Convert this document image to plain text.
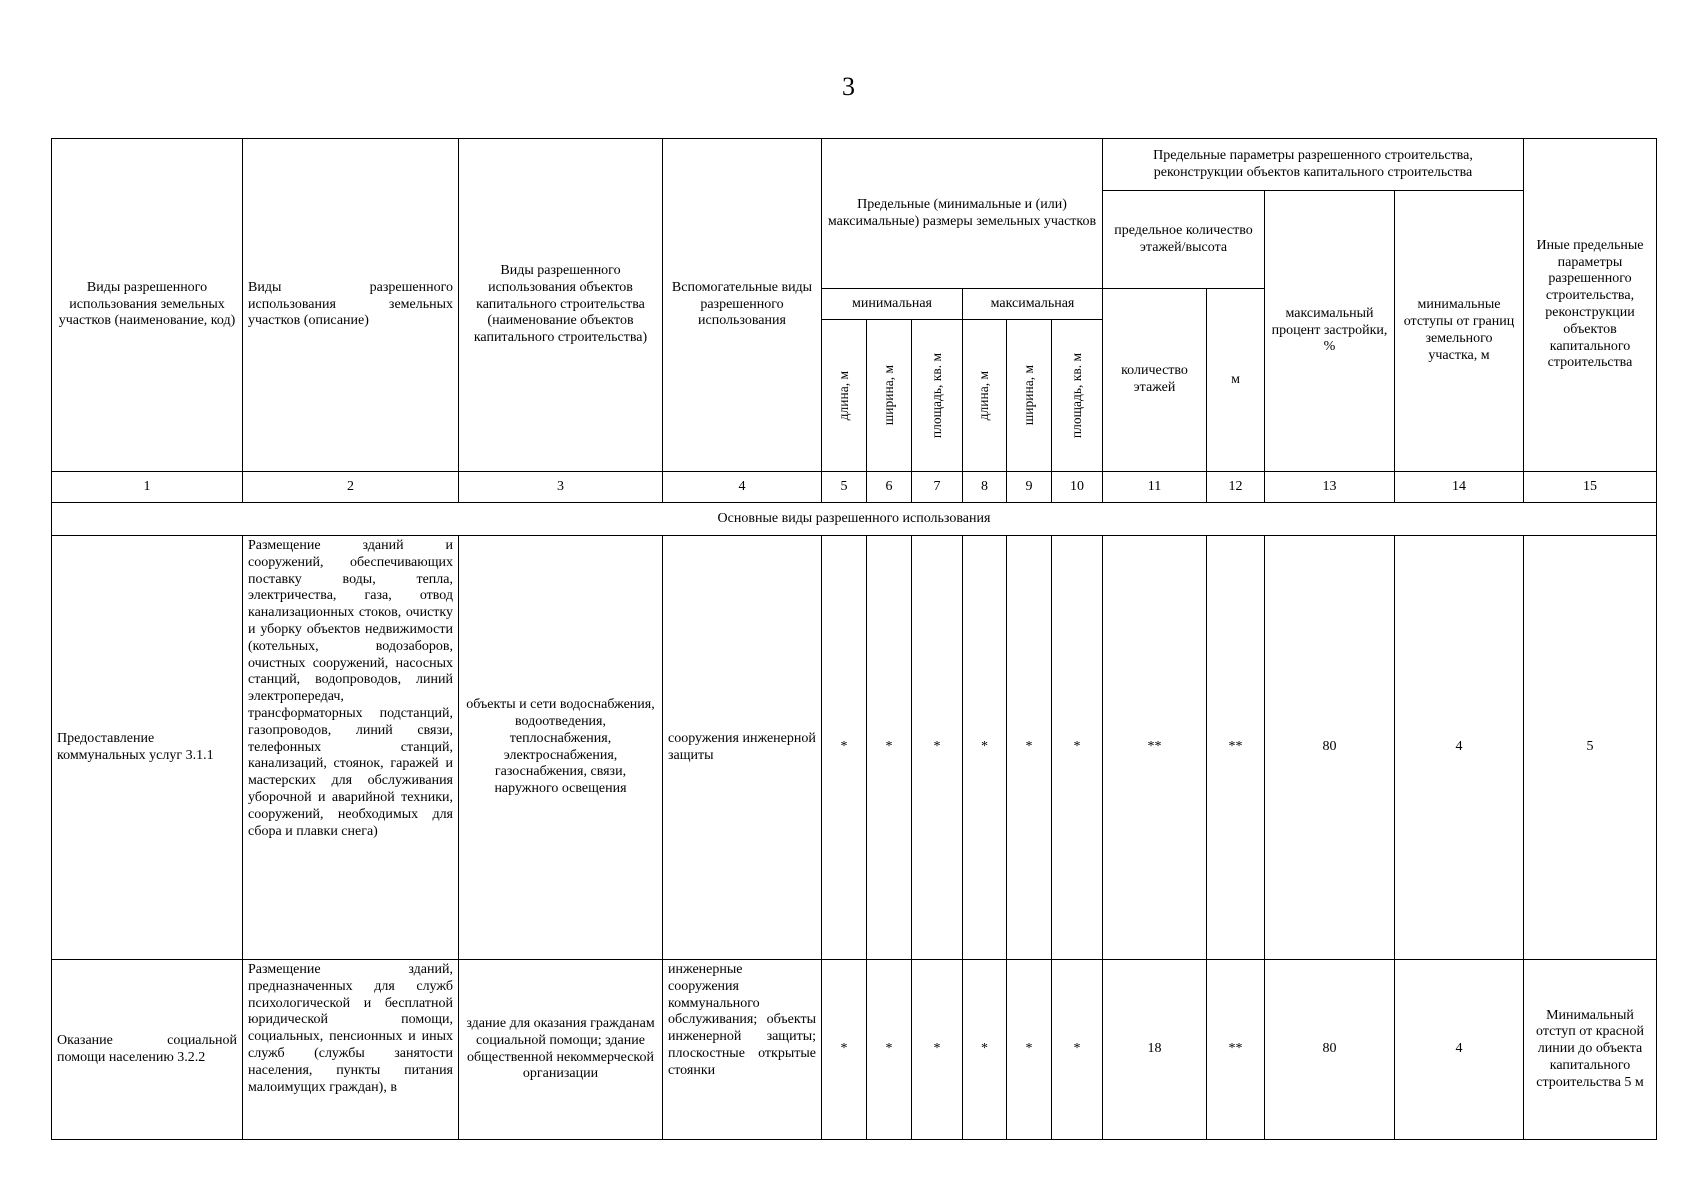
3
Виды разрешенного использования земельных участков (наименование, код)	Виды разрешенного использования земельных участков (описание)	Виды разрешенного использования объектов капитального строительства (наименование объектов капитального строительства)	Вспомогательные виды разрешенного использования	Предельные (минимальные и (или) максимальные) размеры земельных участков						Предельные параметры разрешенного строительства, реконструкции объектов капитального строительства				Иные предельные параметры разрешенного строительства, реконструкции объектов капитального строительства
										предельное количество этажей/высота		максимальный процент застройки, %	минимальные отступы от границ земельного участка, м	
				минимальная			максимальная			количество этажей	м			

				длина, м	ширина, м	площадь, кв. м	длина, м	ширина, м	площадь, кв. м					

1	2	3	4	5	6	7	8	9	10	11	12	13	14	15
Основные виды разрешенного использования														
Предоставление коммунальных услуг 3.1.1	Размещение зданий и сооружений, обеспечивающих поставку воды, тепла, электричества, газа, отвод канализационных стоков, очистку и уборку объектов недвижимости (котельных, водозаборов, очистных сооружений, насосных станций, водопроводов, линий электропередач, трансформаторных подстанций, газопроводов, линий связи, телефонных станций, канализаций, стоянок, гаражей и мастерских для обслуживания уборочной и аварийной техники, сооружений, необходимых для сбора и плавки снега)	объекты и сети водоснабжения, водоотведения, теплоснабжения, электроснабжения, газоснабжения, связи, наружного освещения	сооружения инженерной защиты	*	*	*	*	*	*	**	**	80	4	5
Оказание социальной помощи населению 3.2.2	Размещение зданий, предназначенных для служб психологической и бесплатной юридической помощи, социальных, пенсионных и иных служб (службы занятости населения, пункты питания малоимущих граждан), в	здание для оказания гражданам социальной помощи; здание общественной некоммерческой организации	инженерные сооружения коммунального обслуживания; объекты инженерной защиты; плоскостные открытые стоянки	*	*	*	*	*	*	18	**	80	4	Минимальный отступ от красной линии до объекта капитального строительства 5 м
